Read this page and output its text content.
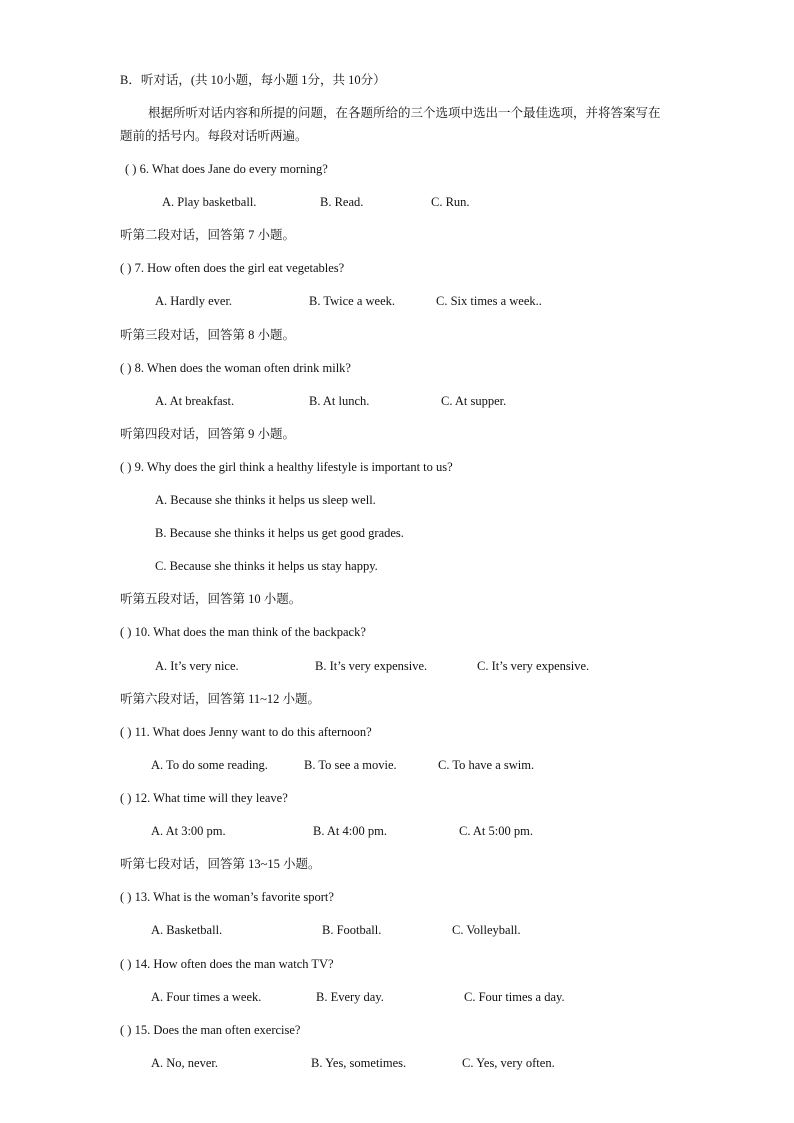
B．听对话，(共 10小题，每小题 1分，共 10分）
根据所听对话内容和所提的问题，在各题所给的三个选项中选出一个最佳选项，并将答案写在
题前的括号内。每段对话听两遍。
( ) 6. What does Jane do every morning?
A. Play basketball.	B. Read.	C. Run.
听第二段对话，回答第 7 小题。
( ) 7. How often does the girl eat vegetables?
A. Hardly ever.	B. Twice a week.	C. Six times a week..
听第三段对话，回答第 8 小题。
( ) 8. When does the woman often drink milk?
A. At breakfast.	B. At lunch.	C. At supper.
听第四段对话，回答第 9 小题。
( ) 9. Why does the girl think a healthy lifestyle is important to us?
A. Because she thinks it helps us sleep well.
B. Because she thinks it helps us get good grades.
C. Because she thinks it helps us stay happy.
听第五段对话，回答第 10 小题。
( ) 10. What does the man think of the backpack?
A. It’s very nice.	B. It’s very expensive.	C. It’s very expensive.
听第六段对话，回答第 11~12 小题。
( ) 11. What does Jenny want to do this afternoon?
A. To do some reading.	B. To see a movie.	C. To have a swim.
( ) 12. What time will they leave?
A. At 3:00 pm.	B. At 4:00 pm.	C. At 5:00 pm.
听第七段对话，回答第 13~15 小题。
( ) 13. What is the woman’s favorite sport?
A. Basketball.	B. Football.	C. Volleyball.
( ) 14. How often does the man watch TV?
A. Four times a week.	B. Every day.	C. Four times a day.
( ) 15. Does the man often exercise?
A. No, never.	B. Yes, sometimes.	C. Yes, very often.
